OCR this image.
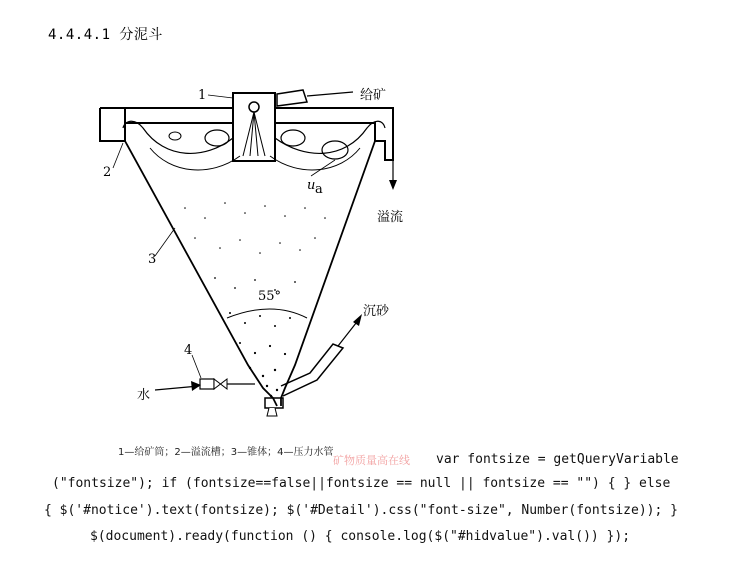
4.4.4.1 分泥斗
1
2
3
4
给矿
溢流
沉砂
水
55°
u a
1—给矿筒；2—溢流槽；3—锥体；4—压力水管
矿物质量高在线 var fontsize = getQueryVariable
("fontsize"); if (fontsize==false||fontsize == null || fontsize == "") { } else
{ $('#notice').text(fontsize); $('#Detail').css("font-size", Number(fontsize)); }
$(document).ready(function () { console.log($("#hidvalue").val()) });
